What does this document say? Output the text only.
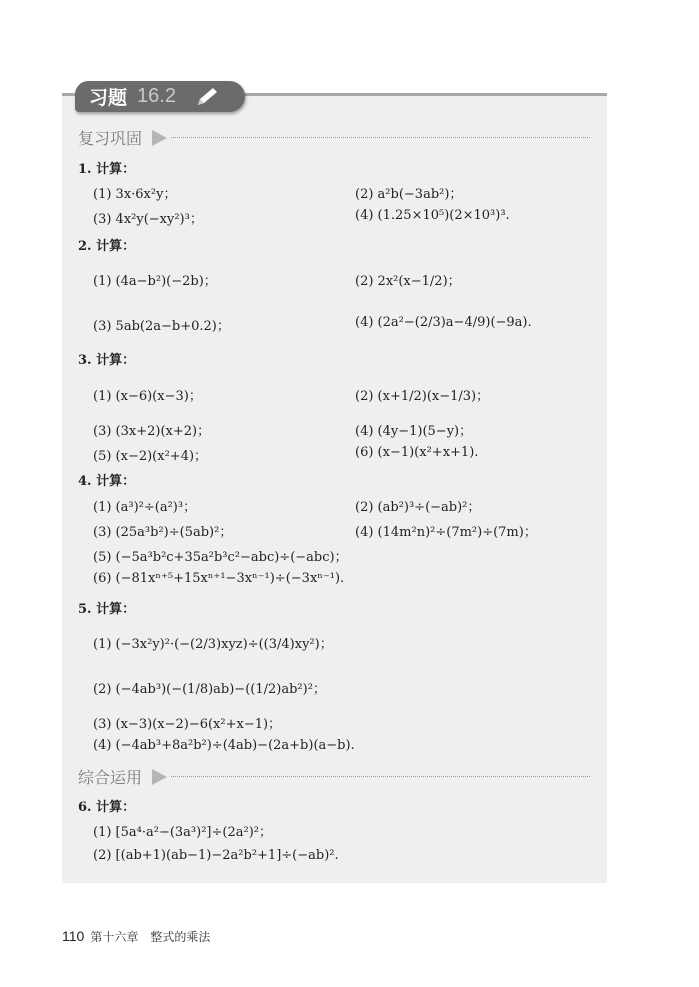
习题 16.2
复习巩固
1. 计算：
(1) 3x·6x²y；	(2) a²b(−3ab²)；
(3) 4x²y(−xy²)³；	(4) (1.25×10⁵)(2×10³)³.
2. 计算：
(1) (4a−b²)(−2b)；	(2) 2x²(x−1/2)；
(3) 5ab(2a−b+0.2)；	(4) (2a²−(2/3)a−4/9)(−9a).
3. 计算：
(1) (x−6)(x−3)；	(2) (x+1/2)(x−1/3)；
(3) (3x+2)(x+2)；	(4) (4y−1)(5−y)；
(5) (x−2)(x²+4)；	(6) (x−1)(x²+x+1).
4. 计算：
(1) (a³)²÷(a²)³；	(2) (ab²)³÷(−ab)²；
(3) (25a³b²)÷(5ab)²；	(4) (14m²n)²÷(7m²)÷(7m)；
(5) (−5a³b²c+35a²b³c²−abc)÷(−abc)；
(6) (−81xⁿ⁺⁵+15xⁿ⁺¹−3xⁿ⁻¹)÷(−3xⁿ⁻¹).
5. 计算：
(1) (−3x²y)²·(−(2/3)xyz)÷((3/4)xy²)；
(2) (−4ab³)(−(1/8)ab)−((1/2)ab²)²；
(3) (x−3)(x−2)−6(x²+x−1)；
(4) (−4ab³+8a²b²)÷(4ab)−(2a+b)(a−b).
综合运用
6. 计算：
(1) [5a⁴·a²−(3a³)²]÷(2a²)²；
(2) [(ab+1)(ab−1)−2a²b²+1]÷(−ab)².
110 第十六章　整式的乘法
